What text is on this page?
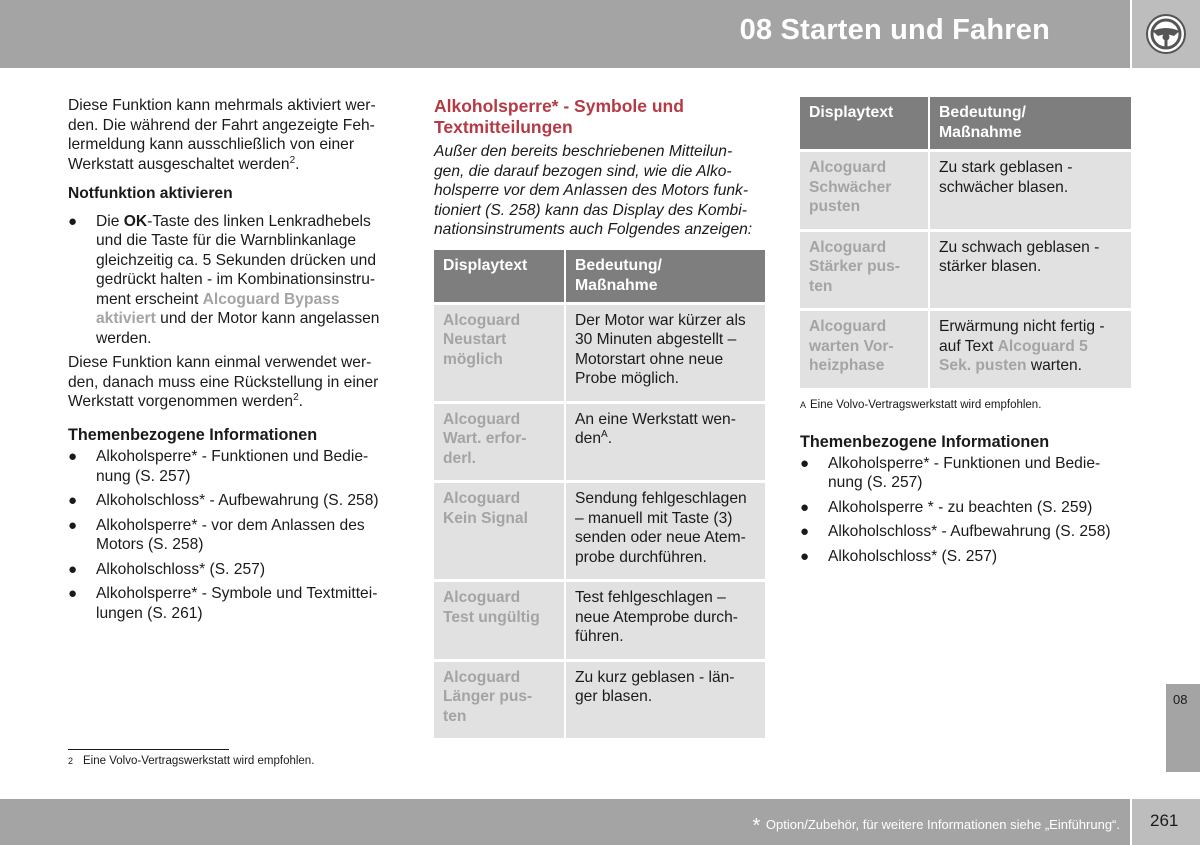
08 Starten und Fahren

Diese Funktion kann mehrmals aktiviert wer-
den. Die während der Fahrt angezeigte Feh-
lermeldung kann ausschließlich von einer
Werkstatt ausgeschaltet werden$^2$.

Notfunktion aktivieren
● Die OK-Taste des linken Lenkradhebels
und die Taste für die Warnblinkanlage
gleichzeitig ca. 5 Sekunden drücken und
gedrückt halten - im Kombinationsinstru-
ment erscheint Alcoguard Bypass
aktiviert und der Motor kann angelassen
werden.

Diese Funktion kann einmal verwendet wer-
den, danach muss eine Rückstellung in einer
Werkstatt vorgenommen werden$^2$.

Themenbezogene Informationen
● Alkoholsperre* - Funktionen und Bedie-
nung (S. 257)
● Alkoholschloss* - Aufbewahrung (S. 258)
● Alkoholsperre* - vor dem Anlassen des
Motors (S. 258)
● Alkoholschloss* (S. 257)
● Alkoholsperre* - Symbole und Textmittei-
lungen (S. 261)
Alkoholsperre* - Symbole und
Textmitteilungen

Außer den bereits beschriebenen Mitteilun-
gen, die darauf bezogen sind, wie die Alko-
holsperre vor dem Anlassen des Motors funk-
tioniert (S. 258) kann das Display des Kombi-
nationsinstruments auch Folgendes anzeigen:

Displaytext	Bedeutung/
Maßnahme
Alcoguard
Neustart
möglich	Der Motor war kürzer als
30 Minuten abgestellt –
Motorstart ohne neue
Probe möglich.
Alcoguard
Wart. erfor-
derl.	An eine Werkstatt wen-
den$^A$.
Alcoguard
Kein Signal	Sendung fehlgeschlagen
– manuell mit Taste (3)
senden oder neue Atem-
probe durchführen.
Alcoguard
Test ungültig	Test fehlgeschlagen –
neue Atemprobe durch-
führen.
Alcoguard
Länger pus-
ten	Zu kurz geblasen - län-
ger blasen.
Displaytext	Bedeutung/
Maßnahme
Alcoguard
Schwächer
pusten	Zu stark geblasen -
schwächer blasen.
Alcoguard
Stärker pus-
ten	Zu schwach geblasen -
stärker blasen.
Alcoguard
warten Vor-
heizphase	Erwärmung nicht fertig -
auf Text Alcoguard 5
Sek. pusten warten.
A Eine Volvo-Vertragswerkstatt wird empfohlen.
Themenbezogene Informationen
● Alkoholsperre* - Funktionen und Bedie-
nung (S. 257)
● Alkoholsperre * - zu beachten (S. 259)
● Alkoholschloss* - Aufbewahrung (S. 258)
● Alkoholschloss* (S. 257)
2 Eine Volvo-Vertragswerkstatt wird empfohlen.
08
* Option/Zubehör, für weitere Informationen siehe „Einführung“. 261
